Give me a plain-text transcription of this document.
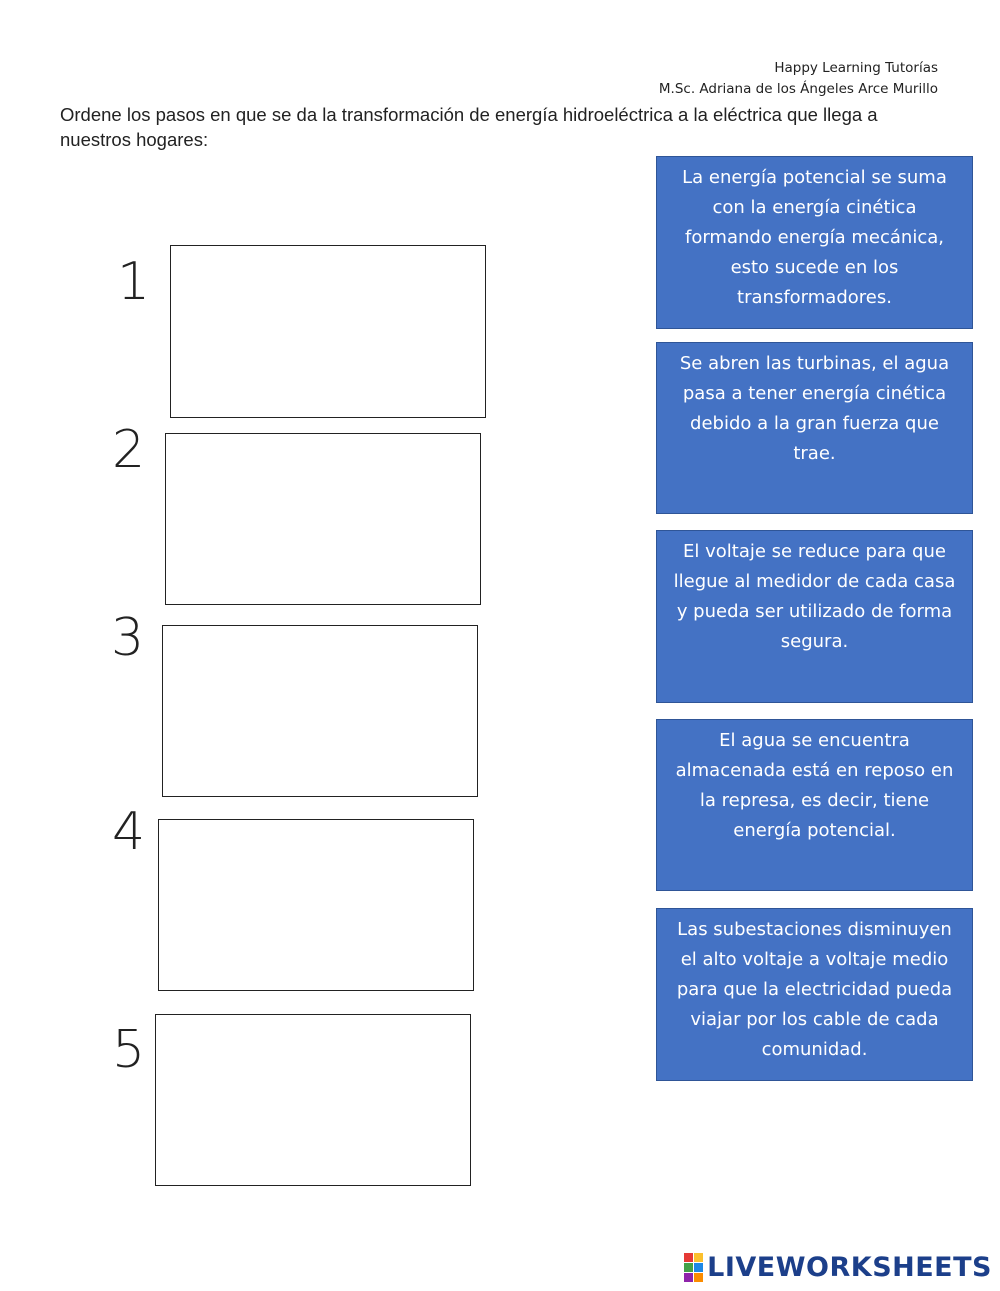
Happy Learning Tutorías
M.Sc. Adriana de los Ángeles Arce Murillo
Ordene los pasos en que se da la transformación de energía hidroeléctrica a la eléctrica que llega a nuestros hogares:
1
2
3
4
5
La energía potencial se suma con la energía cinética formando energía mecánica, esto sucede en los transformadores.
Se abren las turbinas, el agua pasa a tener energía cinética debido a la gran fuerza que trae.
El voltaje se reduce para que llegue al medidor de cada casa y pueda ser utilizado de forma segura.
El agua se encuentra almacenada está en reposo en la represa, es decir, tiene energía potencial.
Las subestaciones disminuyen el alto voltaje a voltaje medio para que la electricidad pueda viajar por los cable de cada comunidad.
LIVEWORKSHEETS
